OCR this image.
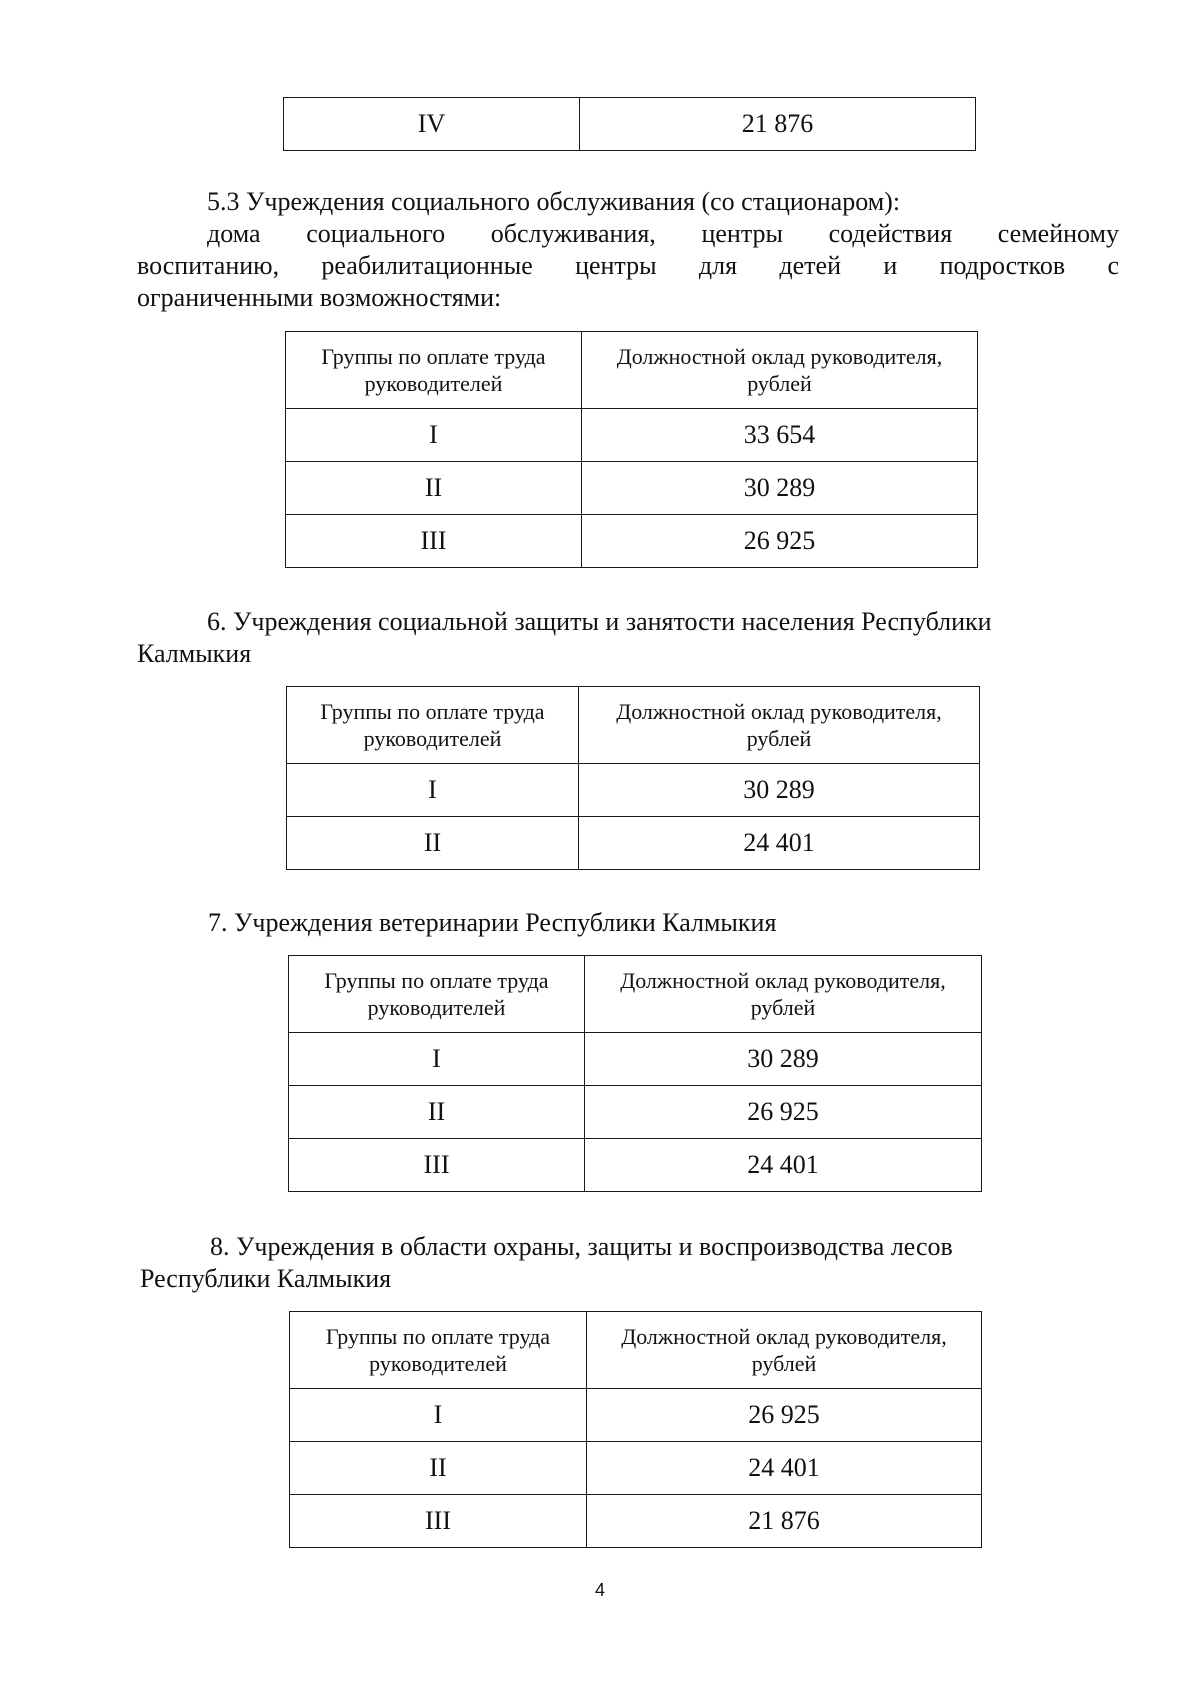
IV	21 876
5.3 Учреждения социального обслуживания (со стационаром):
дома социального обслуживания, центры содействия семейному
воспитанию, реабилитационные центры для детей и подростков с
ограниченными возможностями:
Группы по оплате труда руководителей	Должностной оклад руководителя, рублей
I	33 654
II	30 289
III	26 925
6. Учреждения социальной защиты и занятости населения Республики
Калмыкия
Группы по оплате труда руководителей	Должностной оклад руководителя, рублей
I	30 289
II	24 401
7. Учреждения ветеринарии Республики Калмыкия
Группы по оплате труда руководителей	Должностной оклад руководителя, рублей
I	30 289
II	26 925
III	24 401
8. Учреждения в области охраны, защиты и воспроизводства лесов
Республики Калмыкия
Группы по оплате труда руководителей	Должностной оклад руководителя, рублей
I	26 925
II	24 401
III	21 876
4
